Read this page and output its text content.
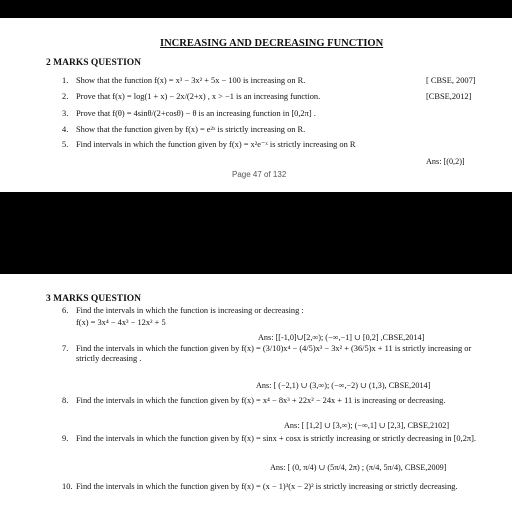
INCREASING AND DECREASING FUNCTION
2 MARKS QUESTION
1. Show that the function f(x) = x³ − 3x² + 5x − 100 is increasing on R.	[ CBSE, 2007]
2. Prove that f(x) = log(1 + x) − 2x/(2+x) , x > −1 is an increasing function.	[CBSE,2012]
3. Prove that f(θ) = 4sinθ/(2+cosθ) − θ is an increasing function in [0,2π] .
4. Show that the function given by f(x) = e²ˣ is strictly increasing on R.
5. Find intervals in which the function given by f(x) = x²e⁻ˣ is strictly increasing on R
Ans: [(0,2)]
Page 47 of 132
3 MARKS QUESTION
6. Find the intervals in which the function is increasing or decreasing :
f(x) = 3x⁴ − 4x³ − 12x² + 5
Ans: [[-1,0]∪[2,∞); (−∞,−1] ∪ [0,2] ,CBSE,2014]
7. Find the intervals in which the function given by f(x) = (3/10)x⁴ − (4/5)x³ − 3x² + (36/5)x + 11 is strictly increasing or strictly decreasing .
Ans: [ (−2,1) ∪ (3,∞); (−∞,−2) ∪ (1,3), CBSE,2014]
8. Find the intervals in which the function given by f(x) = x⁴ − 8x³ + 22x² − 24x + 11 is increasing or decreasing.
Ans: [ [1,2] ∪ [3,∞); (−∞,1] ∪ [2,3], CBSE,2102]
9. Find the intervals in which the function given by f(x) = sinx + cosx is strictly increasing or strictly decreasing in [0,2π].
Ans: [ (0, π/4) ∪ (5π/4, 2π) ; (π/4, 5π/4), CBSE,2009]
10. Find the intervals in which the function given by f(x) = (x − 1)³(x − 2)² is strictly increasing or strictly decreasing.
